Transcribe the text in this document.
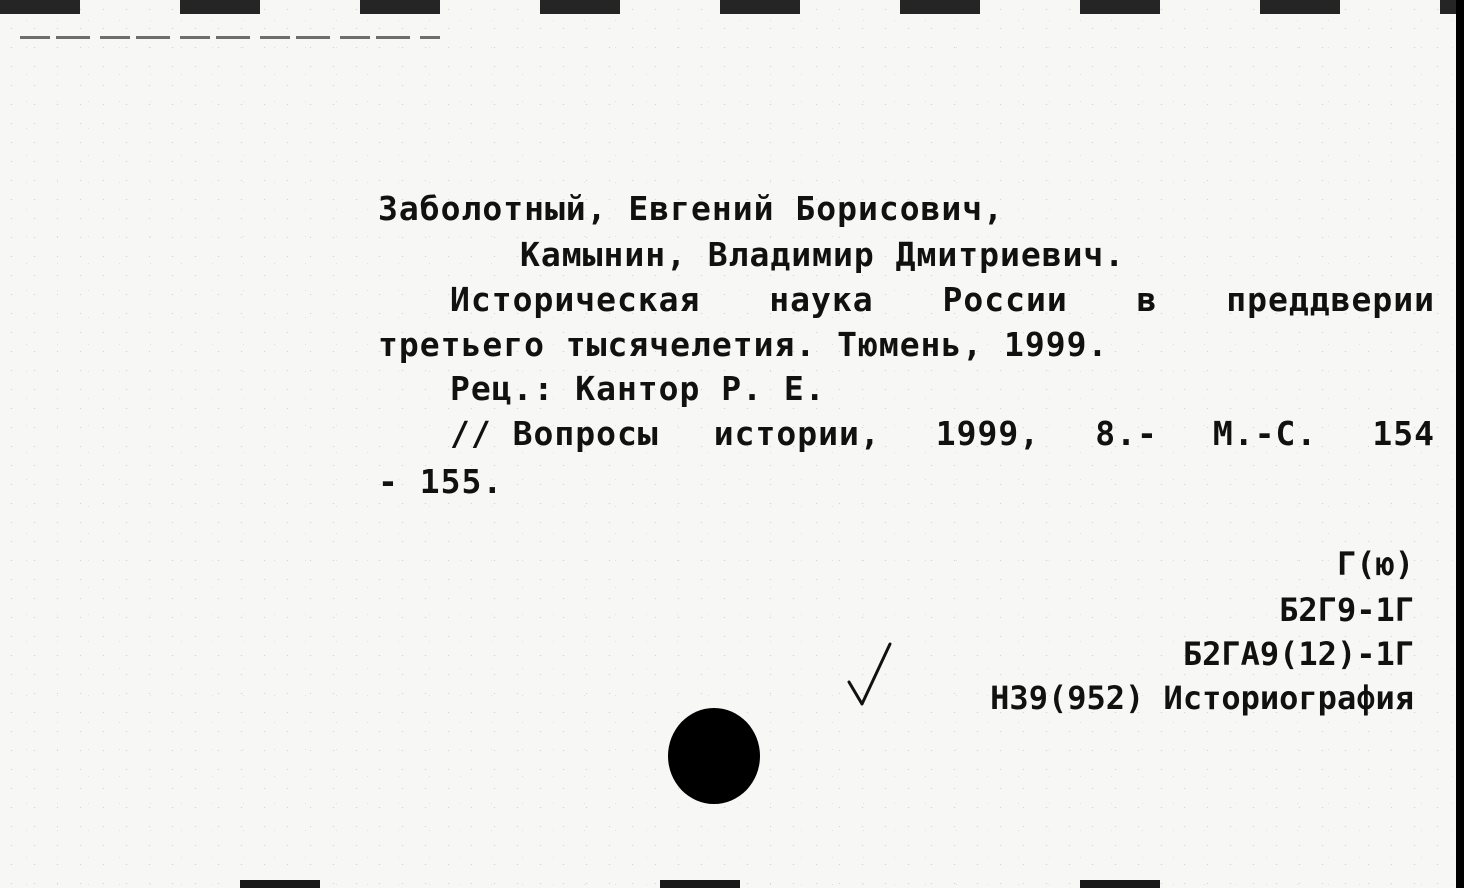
Заболотный, Евгений Борисович,
Камынин, Владимир Дмитриевич.
Историческая наука России в преддверии
третьего тысячелетия. Тюмень, 1999.
Рец.: Кантор Р. Е.
// Вопросы истории, 1999, 8.- М.-С. 154
- 155.
Г(ю)
Б2Г9-1Г
Б2ГА9(12)-1Г
Н39(952) Историография
